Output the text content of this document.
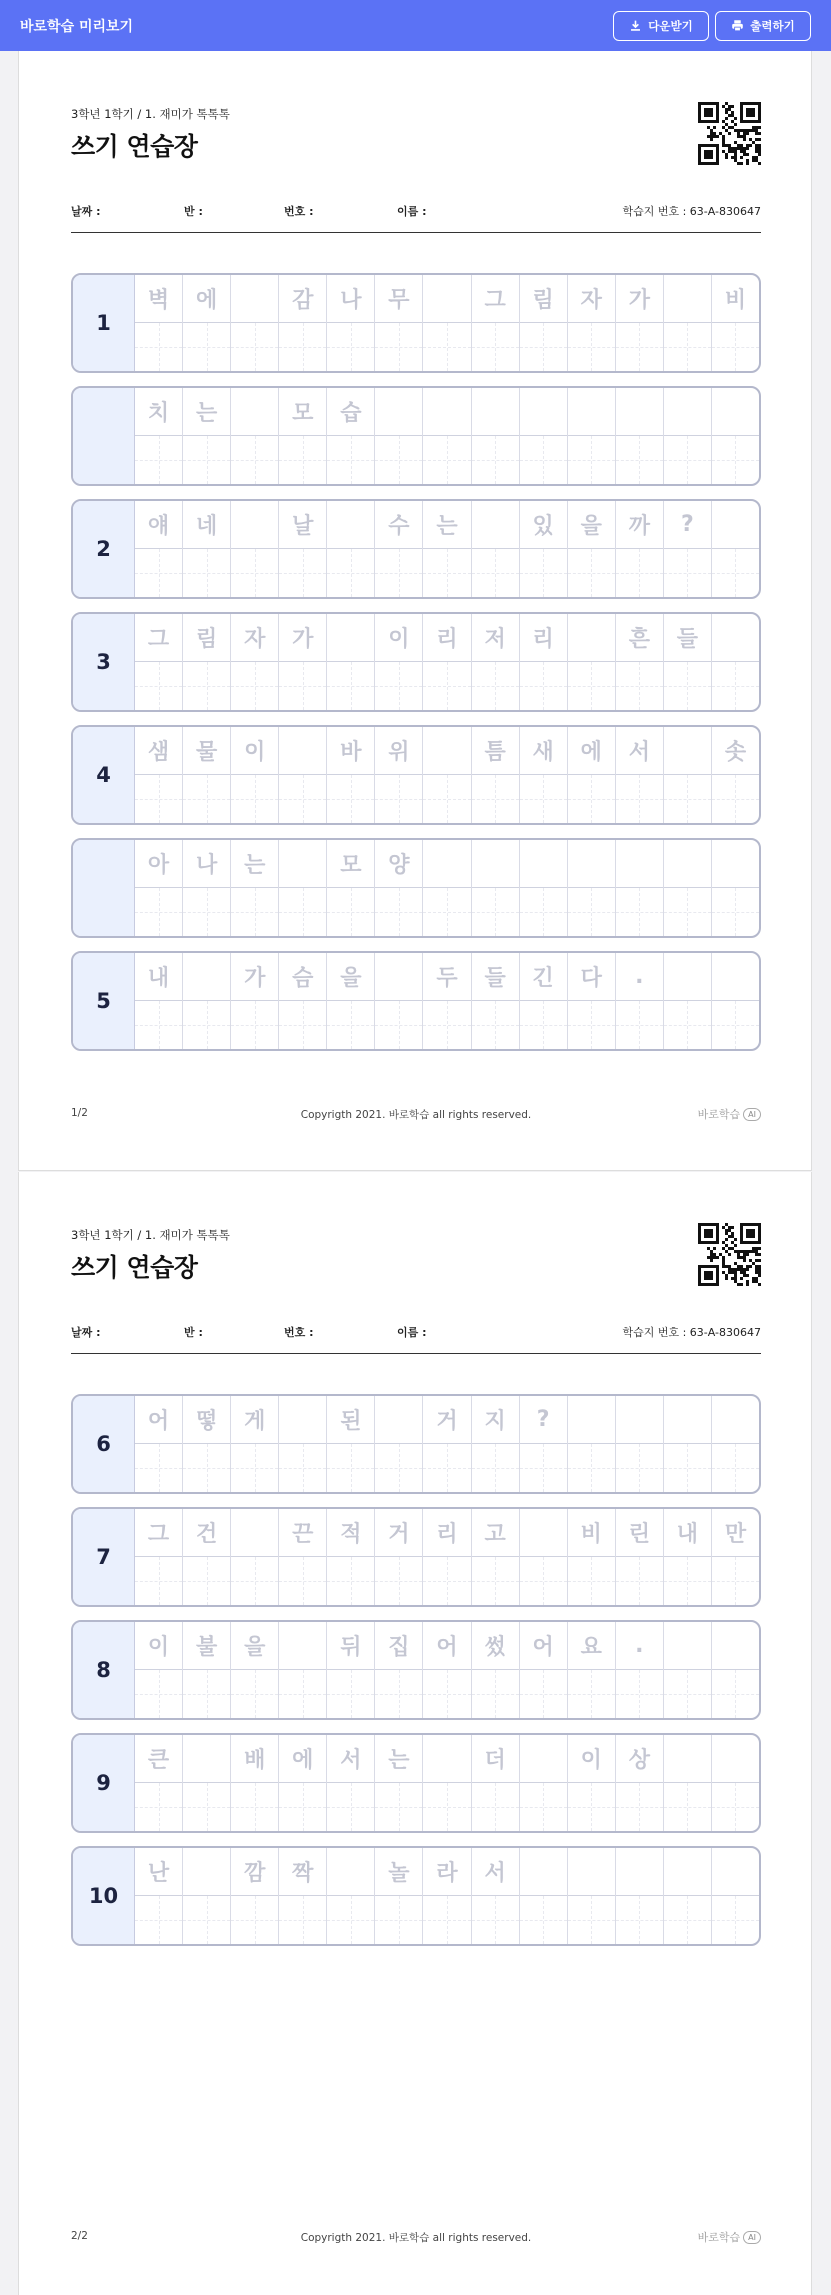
바로학습 미리보기	다운받기	출력하기
3학년 1학기 / 1. 재미가 톡톡톡
쓰기 연습장
날짜 :	반 :	번호 :	이름 :	학습지 번호 : 63-A-830647
1
벽	에	감	나	무	그	림	자	가	비
치	는	모	습
2
얘	네	날	수	는	있	을	까	?
3
그	림	자	가	이	리	저	리	흔	들
4
샘	물	이	바	위	틈	새	에	서	솟
아	나	는	모	양
5
내	가	슴	을	두	들	긴	다	.
1/2	Copyrigth 2021. 바로학습 all rights reserved.	바로학습	AI
3학년 1학기 / 1. 재미가 톡톡톡
쓰기 연습장
날짜 :	반 :	번호 :	이름 :	학습지 번호 : 63-A-830647
6
어	떻	게	된	거	지	?
7
그	건	끈	적	거	리	고	비	린	내	만
8
이	불	을	뒤	집	어	썼	어	요	.
9
큰	배	에	서	는	더	이	상
10
난	깜	짝	놀	라	서
2/2	Copyrigth 2021. 바로학습 all rights reserved.	바로학습	AI
